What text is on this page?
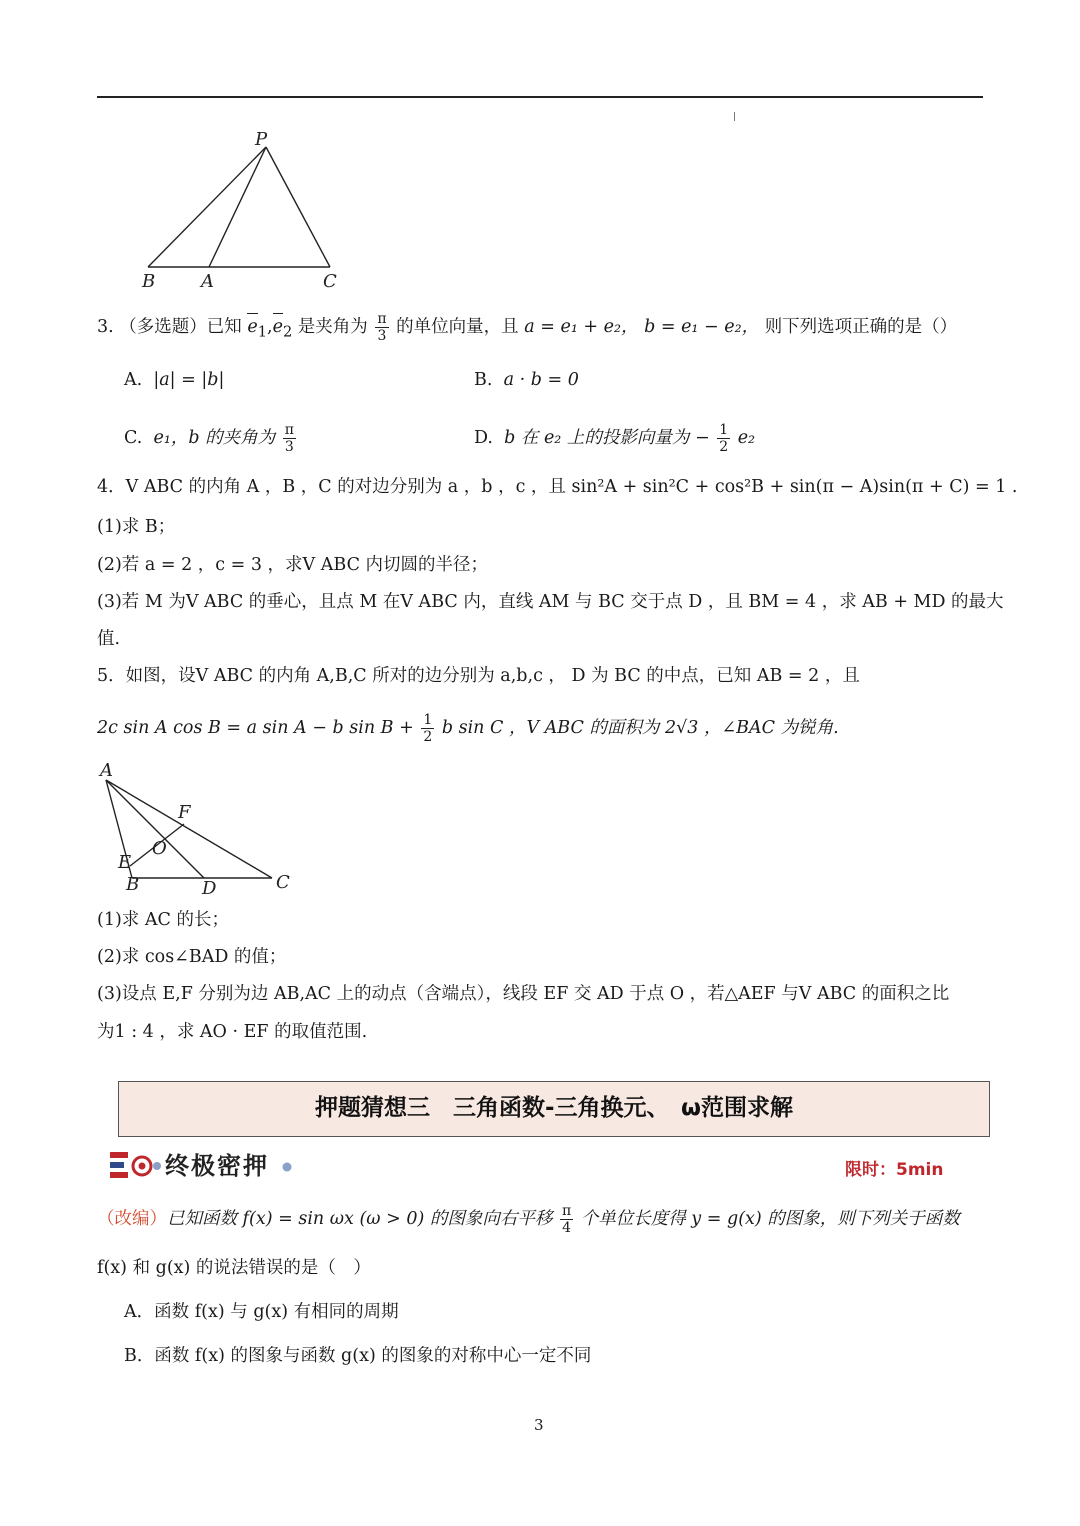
P
B	A	C
3. （多选题）已知 $e_1,e_2$ 是夹角为 $\frac{\pi}{3}$ 的单位向量，且 a = e₁ + e₂， b = e₁ − e₂， 则下列选项正确的是（）
A. |a| = |b|	B. a · b = 0
C. e₁，b 的夹角为 $\frac{\pi}{3}$	D. b 在 e₂ 上的投影向量为 − $\frac{1}{2} e_2$
4．V ABC 的内角 A ，B ，C 的对边分别为 a ，b ，c ，且 sin²A + sin²C + cos²B + sin(π − A)sin(π + C) = 1 .
(1)求 B；
(2)若 a = 2 ，c = 3 ，求V ABC 内切圆的半径；
(3)若 M 为V ABC 的垂心，且点 M 在V ABC 内，直线 AM 与 BC 交于点 D ，且 BM = 4 ，求 AB + MD 的最大
值.
5．如图，设V ABC 的内角 A,B,C 所对的边分别为 a,b,c ， D 为 BC 的中点，已知 AB = 2 ，且
2c sin A cos B = a sin A − b $\sin B + \frac{1}{2}$ b sin C ，V ABC 的面积为 2√3 ，∠BAC 为锐角.
A
F
O
E
B	D	C
(1)求 AC 的长；
(2)求 cos∠BAD 的值；
(3)设点 E,F 分别为边 AB,AC 上的动点（含端点），线段 EF 交 AD 于点 O ，若△AEF 与V ABC 的面积之比
为1 : 4 ，求 AO · EF 的取值范围.
押题猜想三　三角函数-三角换元、　ω范围求解
终极密押	限时：5min
（改编）已知函数 f(x) = sin ωx (ω > 0) 的图象向右平移 $\frac{\pi}{4}$ 个单位长度得 y = g(x) 的图象，则下列关于函数
f(x) 和 g(x) 的说法错误的是（　）
A．函数 f(x) 与 g(x) 有相同的周期
B．函数 f(x) 的图象与函数 g(x) 的图象的对称中心一定不同
3
